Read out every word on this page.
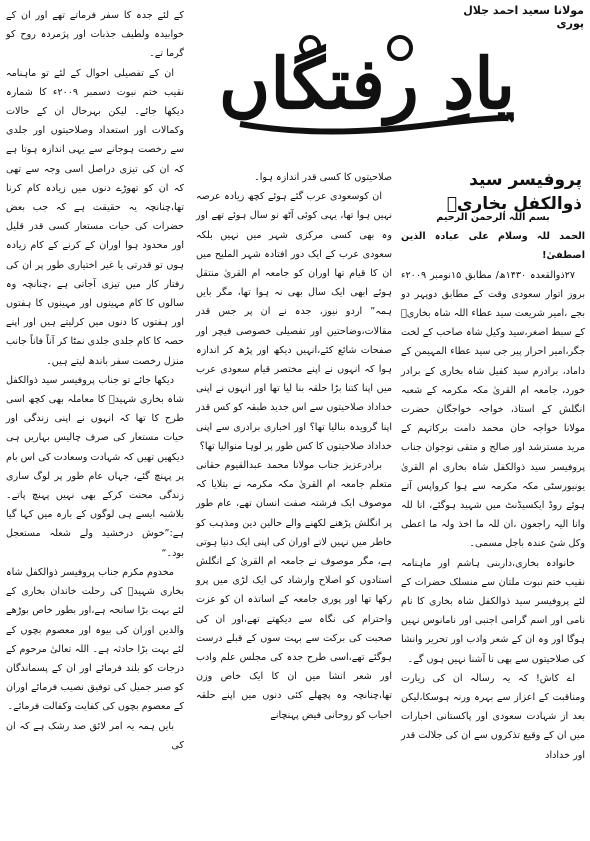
مولانا سعید احمد جلال پوری
یادِ رفتگاں
پروفیسر سید ذوالکفل بخاریؒ

بسم اللہ الرحمن الرحیم

الحمد للہ وسلام علی عبادہ الذین اصطفیٰ!

۲۷ذوالقعدہ ۱۴۳۰ھ/ مطابق ۱۵نومبر ۲۰۰۹ء بروز اتوار سعودی وقت کے مطابق دوپہر دو بجے ،امیر شریعت سید عطاء اللہ شاہ بخاریؒ کے سبط اصغر،سید وکیل شاہ صاحب کے لخت جگر،امیر احرار پیر جی سید عطاء المہیمن کے داماد، برادرم سید کفیل شاہ بخاری کے برادر خورد، جامعہ ام القریٰ مکہ مکرمہ کے شعبہ انگلش کے استاذ، خواجہ خواجگان حضرت مولانا خواجہ خان محمد دامت برکاتہم کے مرید مسترشد اور صالح و متقی نوجوان جناب پروفیسر سید ذوالکفل شاہ بخاری ام القریٰ یونیورسٹی مکہ مکرمہ سے ہوا کرواپس آتے ہوئے روڈ ایکسیڈنٹ میں شہید ہوگئے، انا للہ وانا الیہ راجعون ،ان للہ ما اخذ ولہ ما اعطی وکل شیٔ عندہ باجل مسمی۔

خانوادہ بخاری،داربنی ہاشم اور ماہنامہ نقیب ختم نبوت ملتان سے منسلک حضرات کے لئے پروفیسر سید ذوالکفل شاہ بخاری کا نام نامی اور اسم گرامی اجنبی اور نامانوس نہیں ہوگا اور وہ ان کے شعر وادب اور تحریر وانشا کی صلاحیتوں سے بھی نا آشنا نہیں ہوں گے۔

اے کاش! کہ یہ رسالہ ان کی زیارت ومناقبت کے اعزاز سے بہرہ ورنہ ہوسکا،لیکن بعد از شہادت سعودی اور پاکستانی اخبارات میں ان کے وقیع تذکروں سے ان کی جلالت قدر اور خداداد

صلاحیتوں کا کسی قدر اندازہ ہوا۔

ان کوسعودی عرب گئے ہوئے کچھ زیادہ عرصہ نہیں ہوا تھا، یہی کوئی آٹھ نو سال ہوئے تھے اور وہ بھی کسی مرکزی شہر میں نہیں بلکہ سعودی عرب کے ایک دور افتادہ شہر الملیح میں ان کا قیام تھا اوران کو جامعہ ام القریٰ منتقل ہوئے ابھی ایک سال بھی نہ ہوا تھا، مگر بایں ہمہ” اردو نیوز، جدہ نے ان پر جس قدر مقالات،وضاحتیں اور تفصیلی خصوصی فیچر اور صفحات شائع کئے،انہیں دیکھ اور پڑھ کر اندازہ ہوا کہ انہوں نے اپنے مختصر قیام سعودی عرب میں اپنا کتنا بڑا حلقہ بنا لیا تھا اور انہوں نے اپنی خداداد صلاحیتوں سے اس جدید طبقہ کو کس قدر اپنا گرویدہ بنالیا تھا؟ اور اخباری برادری سے اپنی خداداد صلاحیتوں کا کس طور پر لوہا منوالیا تھا؟

برادرعزیز جناب مولانا محمد عبدالقیوم حقانی متعلم جامعہ ام القریٰ مکہ مکرمہ نے بتلایا کہ موصوف ایک فرشتہ صفت انسان تھے، عام طور پر انگلش پڑھنے لکھنے والے حالین دین ومذہب کو خاطر میں نہیں لاتے اوران کی اپنی ایک دنیا ہوتی ہے، مگر موصوف نے جامعہ ام القریٰ کے انگلش استادوں کو اصلاح وارشاد کی ایک لڑی میں پرو رکھا تھا اور پوری جامعہ کے اساتذہ ان کو عزت واحترام کی نگاہ سے دیکھتے تھے،اور ان کی صحبت کی برکت سے بہت سوں کے قبلے درست ہوگئے تھے،اسی طرح جدہ کی مجلس علم وادب اور شعر انشا میں ان کا ایک خاص وزن تھا،چنانچہ وہ پچھلے کئی دنوں میں اپنے حلقہ احباب کو روحانی فیض پہنچانے

کے لئے جدہ کا سفر فرماتے تھے اور ان کے خوابیدہ ولطیف جذبات اور پژمردہ روح کو گرما تے۔

ان کے تفصیلی احوال کے لئے تو ماہنامہ نقیب ختم نبوت دسمبر ۲۰۰۹ء کا شمارہ دیکھا جائے۔ لیکن بہرحال ان کے حالات وکمالات اور استعداد وصلاحیتوں اور جلدی سے رخصت ہوجانے سے یہی اندازہ ہوتا ہے کہ ان کی تیزی دراصل اسی وجہ سے تھی کہ ان کو تھوڑے دنوں میں زیادہ کام کرنا تھا،چنانچہ یہ حقیقت ہے کہ جب بعض حضرات کی حیات مستعار کسی قدر قلیل اور محدود ہوا اوران کے کرنے کے کام زیادہ ہوں تو قدرتی یا غیر اختیاری طور پر ان کی رفتار کار میں تیزی آجاتی ہے ،چنانچہ وہ سالوں کا کام مہینوں اور مہینوں کا ہفتوں اور ہفتوں کا دنوں میں کرلیتے ہیں اور اپنے حصہ کا کام جلدی جلدی نمٹا کر آناً فاناً جانب منزل رخصت سفر باندھ لیتے ہیں۔

دیکھا جائے تو جناب پروفیسر سید ذوالکفل شاہ بخاری شہیدؒ کا معاملہ بھی کچھ اسی طرح کا تھا کہ انہوں نے اپنی زندگی اور حیات مستعار کی صرف چالیس بہاریں ہی دیکھیں تھیں کہ شہادت وسعادت کی اس بام پر پہنچ گئے، جہاں عام طور پر لوگ ساری زندگی محنت کرکے بھی نہیں پہنچ پاتے۔ بلاشبہ ایسے ہی لوگوں کے بارہ میں کہا گیا ہے:”خوش درخشید ولے شعلہ مستعجل بود۔“

مخدوم مکرم جناب پروفیسر ذوالکفل شاہ بخاری شہیدؒ کی رحلت خاندان بخاری کے لئے بہت بڑا سانحہ ہے،اور بطور خاص بوڑھے والدین اوران کی بیوہ اور معصوم بچوں کے لئے بہت بڑا حادثہ ہے۔ اللہ تعالیٰ مرحوم کے درجات کو بلند فرمائے اور ان کے پسماندگان کو صبر جمیل کی توفیق نصیب فرمائے اوران کے معصوم بچوں کی کفایت وکفالت فرمائے۔

بایں ہمہ یہ امر لائق صد رشک ہے کہ ان کی
